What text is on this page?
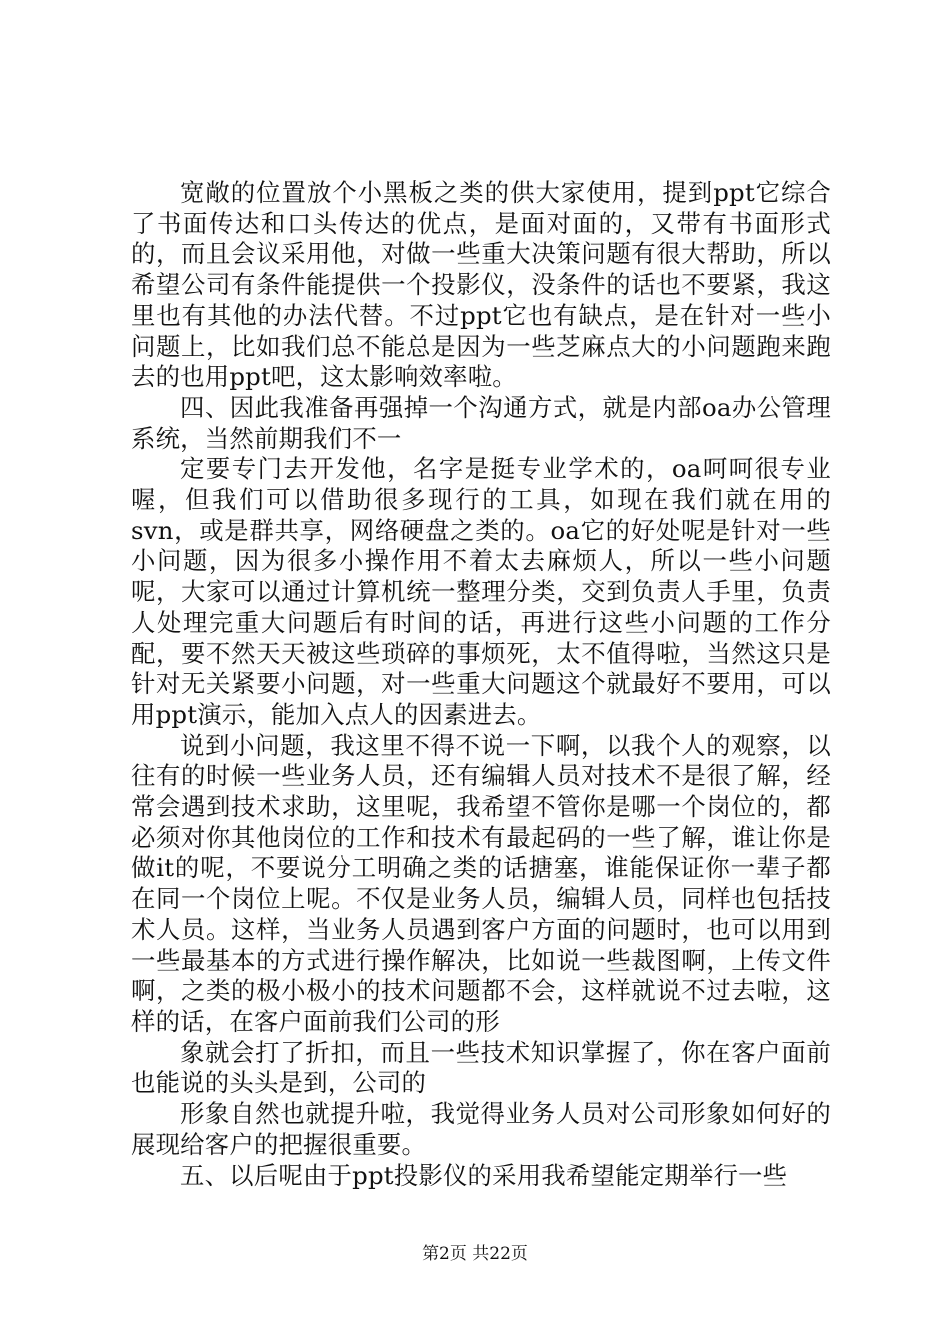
宽敞的位置放个小黑板之类的供大家使用，提到ppt它综合了书面传达和口头传达的优点，是面对面的，又带有书面形式的，而且会议采用他，对做一些重大决策问题有很大帮助，所以希望公司有条件能提供一个投影仪，没条件的话也不要紧，我这里也有其他的办法代替。不过ppt它也有缺点，是在针对一些小问题上，比如我们总不能总是因为一些芝麻点大的小问题跑来跑去的也用ppt吧，这太影响效率啦。

四、因此我准备再强掉一个沟通方式，就是内部oa办公管理系统，当然前期我们不一

定要专门去开发他，名字是挺专业学术的，oa呵呵很专业喔，但我们可以借助很多现行的工具，如现在我们就在用的svn，或是群共享，网络硬盘之类的。oa它的好处呢是针对一些小问题，因为很多小操作用不着太去麻烦人，所以一些小问题呢，大家可以通过计算机统一整理分类，交到负责人手里，负责人处理完重大问题后有时间的话，再进行这些小问题的工作分配，要不然天天被这些琐碎的事烦死，太不值得啦，当然这只是针对无关紧要小问题，对一些重大问题这个就最好不要用，可以用ppt演示，能加入点人的因素进去。

说到小问题，我这里不得不说一下啊，以我个人的观察，以往有的时候一些业务人员，还有编辑人员对技术不是很了解，经常会遇到技术求助，这里呢，我希望不管你是哪一个岗位的，都必须对你其他岗位的工作和技术有最起码的一些了解，谁让你是做it的呢，不要说分工明确之类的话搪塞，谁能保证你一辈子都在同一个岗位上呢。不仅是业务人员，编辑人员，同样也包括技术人员。这样，当业务人员遇到客户方面的问题时，也可以用到一些最基本的方式进行操作解决，比如说一些裁图啊，上传文件啊，之类的极小极小的技术问题都不会，这样就说不过去啦，这样的话，在客户面前我们公司的形

象就会打了折扣，而且一些技术知识掌握了，你在客户面前也能说的头头是到，公司的

形象自然也就提升啦，我觉得业务人员对公司形象如何好的展现给客户的把握很重要。

五、以后呢由于ppt投影仪的采用我希望能定期举行一些

第2页 共22页
